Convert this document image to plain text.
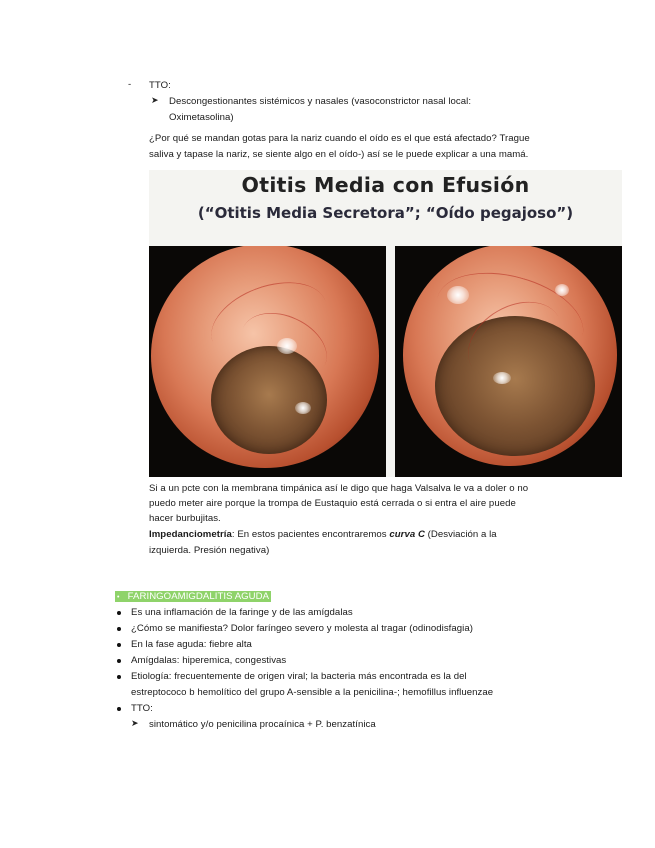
- TTO:
➤ Descongestionantes sistémicos y nasales (vasoconstrictor nasal local:
Oximetasolina)
¿Por qué se mandan gotas para la nariz cuando el oído es el que está afectado? Trague
saliva y tapase la nariz, se siente algo en el oído-) así se le puede explicar a una mamá.
Otitis Media con Efusión
(“Otitis Media Secretora”; “Oído pegajoso”)
Si a un pcte con la membrana timpánica así le digo que haga Valsalva le va a doler o no
puedo meter aire porque la trompa de Eustaquio está cerrada o si entra el aire puede
hacer burbujitas.
Impedanciometría: En estos pacientes encontraremos curva C (Desviación a la
izquierda. Presión negativa)
• FARINGOAMIGDALITIS AGUDA
Es una inflamación de la faringe y de las amígdalas
¿Cómo se manifiesta? Dolor faríngeo severo y molesta al tragar (odinodisfagia)
En la fase aguda: fiebre alta
Amígdalas: hiperemica, congestivas
Etiología: frecuentemente de origen viral; la bacteria más encontrada es la del
estreptococo b hemolítico del grupo A-sensible a la penicilina-; hemofillus influenzae
TTO:
➤ sintomático y/o penicilina procaínica + P. benzatínica
